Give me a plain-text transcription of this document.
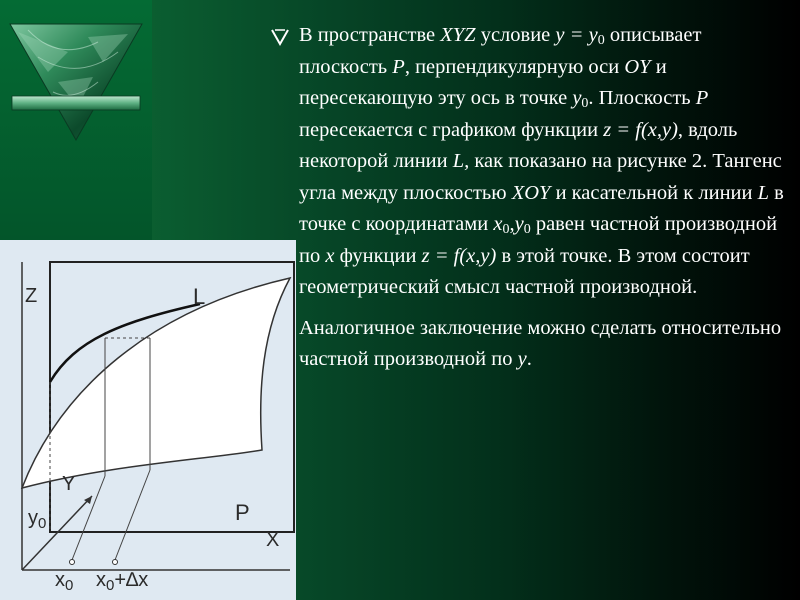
Z	L
Y
$y_0$	P
X
$x_0$ $x_0+\Delta x$

В пространстве XYZ условие $y = y_0$ описывает плоскость P, перпендикулярную оси OY и пересекающую эту ось в точке $y_0$. Плоскость P пересекается с графиком функции z = f(x,y), вдоль некоторой линии L, как показано на рисунке 2. Тангенс угла между плоскостью XOY и касательной к линии L в точке с координатами $x_0,y_0$ равен частной производной по x функции z = f(x,y) в этой точке. В этом состоит геометрический смысл частной производной.

Аналогичное заключение можно сделать относительно частной производной по y.
